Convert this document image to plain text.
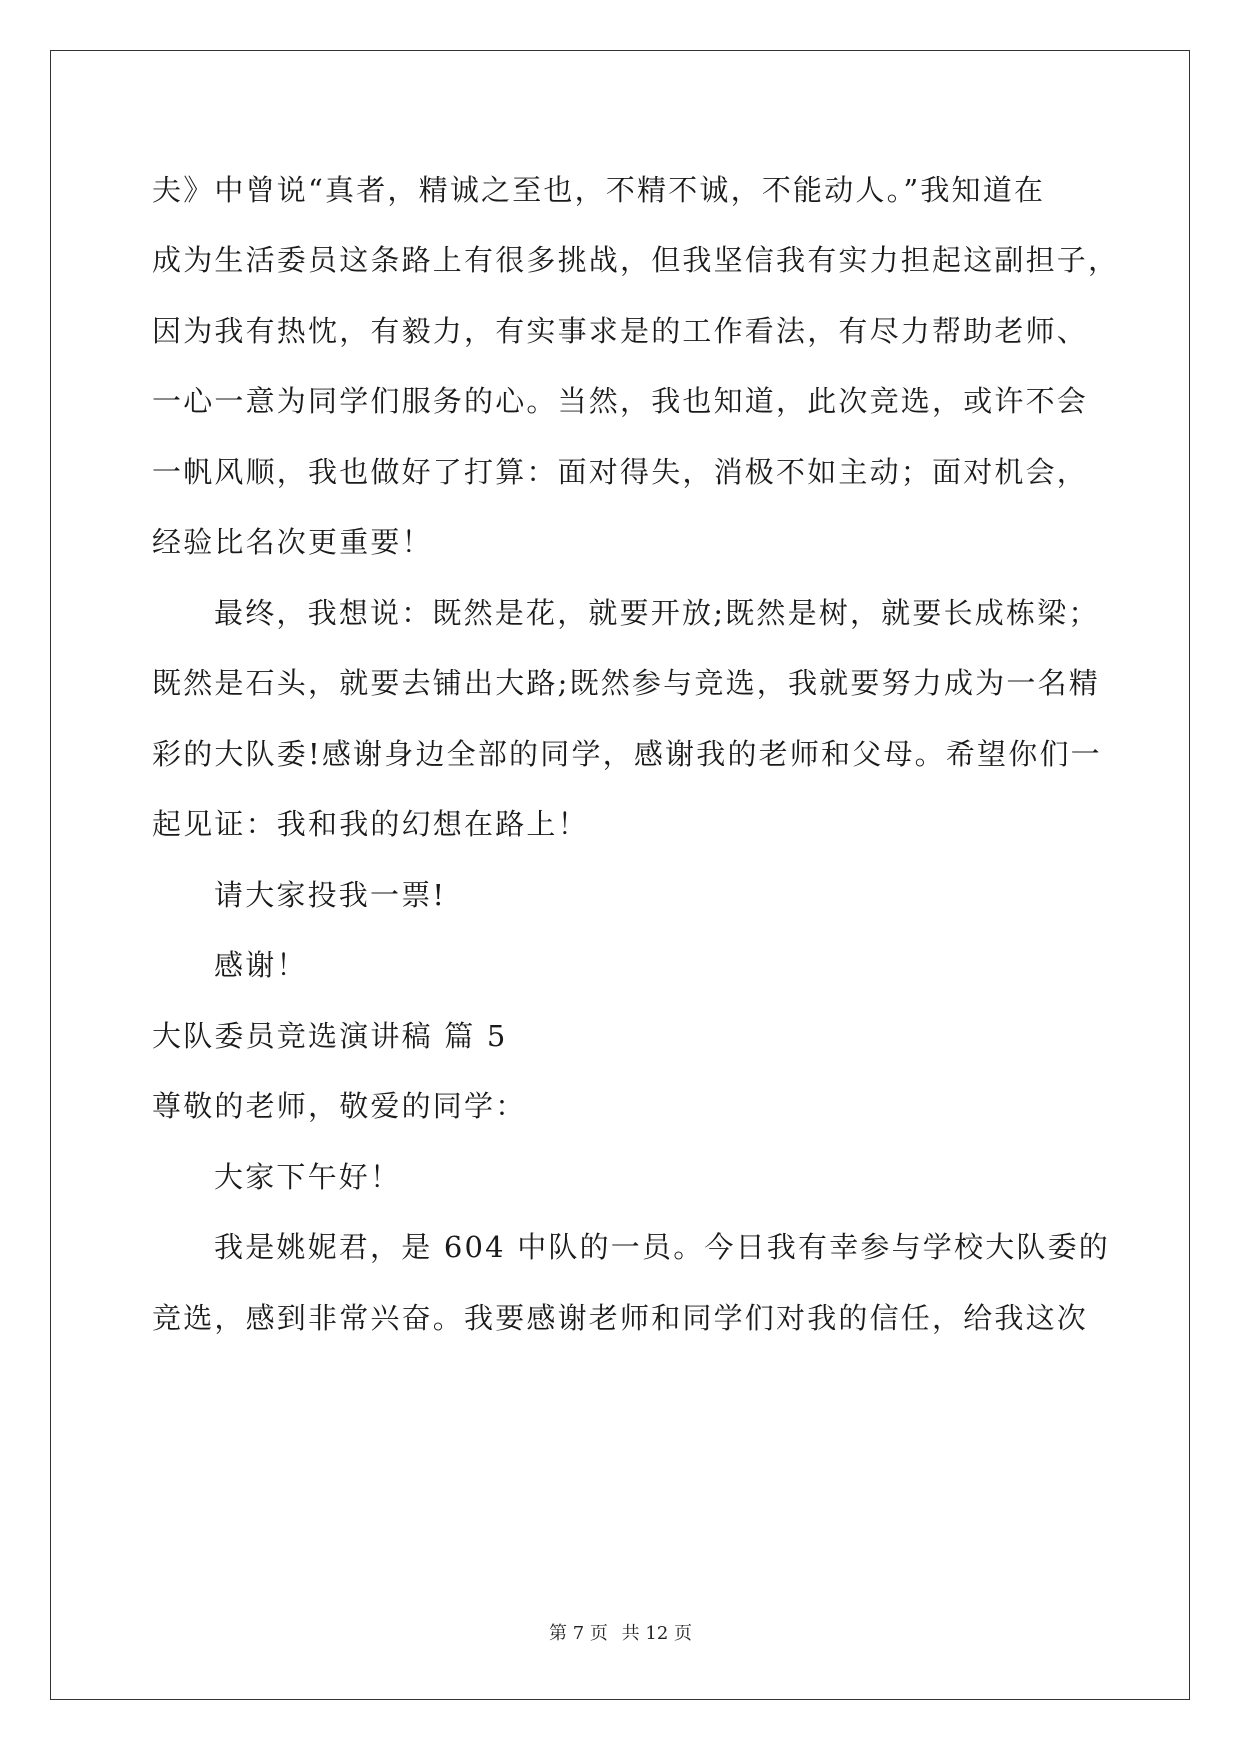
夫》中曾说“真者，精诚之至也，不精不诚，不能动人。”我知道在
成为生活委员这条路上有很多挑战，但我坚信我有实力担起这副担子，
因为我有热忱，有毅力，有实事求是的工作看法，有尽力帮助老师、
一心一意为同学们服务的心。当然，我也知道，此次竞选，或许不会
一帆风顺，我也做好了打算：面对得失，消极不如主动；面对机会，
经验比名次更重要！
最终，我想说：既然是花，就要开放;既然是树，就要长成栋梁；
既然是石头，就要去铺出大路;既然参与竞选，我就要努力成为一名精
彩的大队委!感谢身边全部的同学，感谢我的老师和父母。希望你们一
起见证：我和我的幻想在路上！
请大家投我一票!
感谢！
大队委员竞选演讲稿 篇 5
尊敬的老师，敬爱的同学：
大家下午好！
我是姚妮君，是 604 中队的一员。今日我有幸参与学校大队委的
竞选，感到非常兴奋。我要感谢老师和同学们对我的信任，给我这次
第 7 页 共 12 页
